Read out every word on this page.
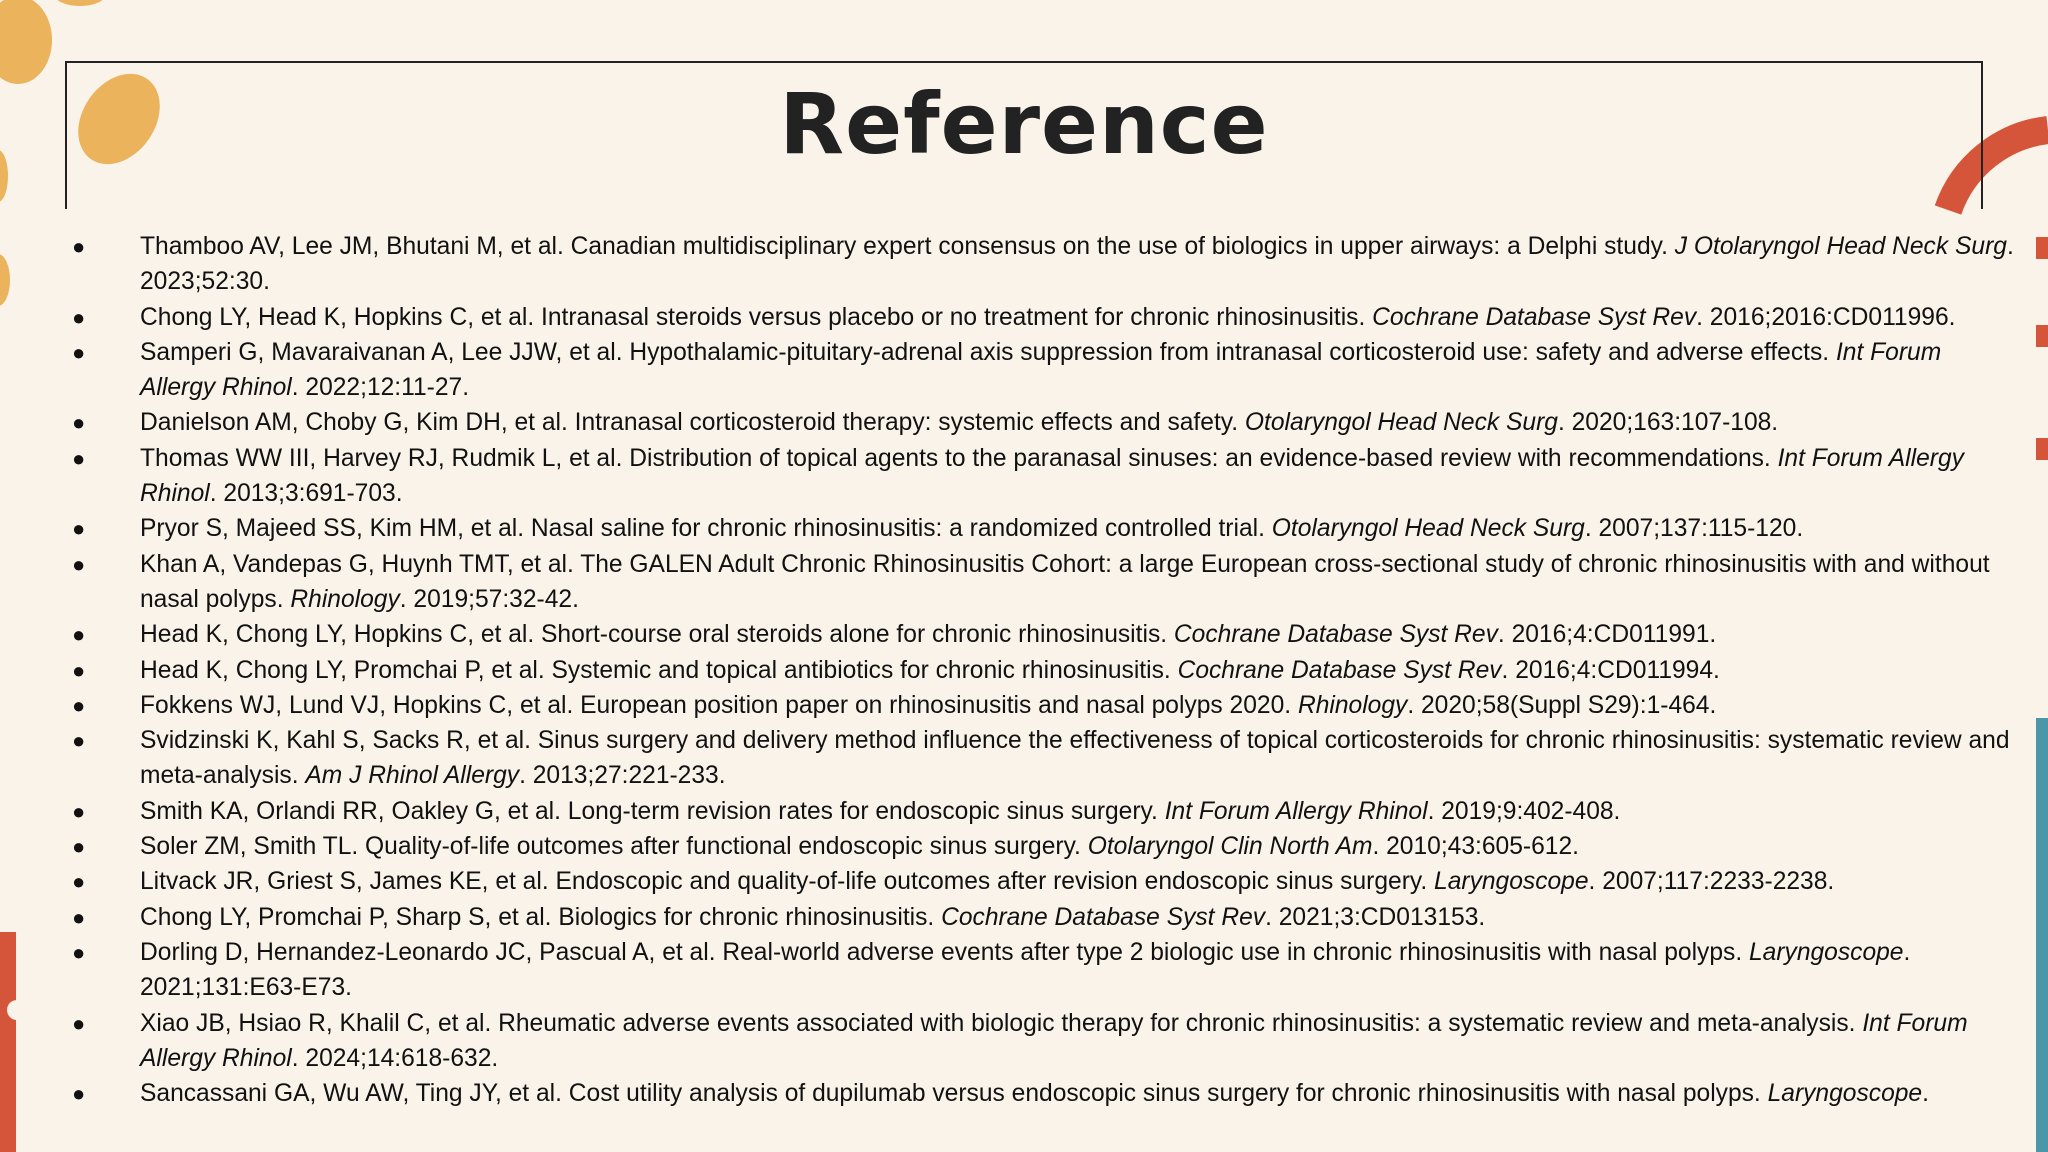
Reference
●	Thamboo AV, Lee JM, Bhutani M, et al. Canadian multidisciplinary expert consensus on the use of biologics in upper airways: a Delphi study. J Otolaryngol Head Neck Surg. 2023;52:30.
●	Chong LY, Head K, Hopkins C, et al. Intranasal steroids versus placebo or no treatment for chronic rhinosinusitis. Cochrane Database Syst Rev. 2016;2016:CD011996.
●	Samperi G, Mavaraivanan A, Lee JJW, et al. Hypothalamic-pituitary-adrenal axis suppression from intranasal corticosteroid use: safety and adverse effects. Int Forum Allergy Rhinol. 2022;12:11-27.
●	Danielson AM, Choby G, Kim DH, et al. Intranasal corticosteroid therapy: systemic effects and safety. Otolaryngol Head Neck Surg. 2020;163:107-108.
●	Thomas WW III, Harvey RJ, Rudmik L, et al. Distribution of topical agents to the paranasal sinuses: an evidence-based review with recommendations. Int Forum Allergy Rhinol. 2013;3:691-703.
●	Pryor S, Majeed SS, Kim HM, et al. Nasal saline for chronic rhinosinusitis: a randomized controlled trial. Otolaryngol Head Neck Surg. 2007;137:115-120.
●	Khan A, Vandepas G, Huynh TMT, et al. The GALEN Adult Chronic Rhinosinusitis Cohort: a large European cross-sectional study of chronic rhinosinusitis with and without nasal polyps. Rhinology. 2019;57:32-42.
●	Head K, Chong LY, Hopkins C, et al. Short-course oral steroids alone for chronic rhinosinusitis. Cochrane Database Syst Rev. 2016;4:CD011991.
●	Head K, Chong LY, Promchai P, et al. Systemic and topical antibiotics for chronic rhinosinusitis. Cochrane Database Syst Rev. 2016;4:CD011994.
●	Fokkens WJ, Lund VJ, Hopkins C, et al. European position paper on rhinosinusitis and nasal polyps 2020. Rhinology. 2020;58(Suppl S29):1-464.
●	Svidzinski K, Kahl S, Sacks R, et al. Sinus surgery and delivery method influence the effectiveness of topical corticosteroids for chronic rhinosinusitis: systematic review and meta-analysis. Am J Rhinol Allergy. 2013;27:221-233.
●	Smith KA, Orlandi RR, Oakley G, et al. Long-term revision rates for endoscopic sinus surgery. Int Forum Allergy Rhinol. 2019;9:402-408.
●	Soler ZM, Smith TL. Quality-of-life outcomes after functional endoscopic sinus surgery. Otolaryngol Clin North Am. 2010;43:605-612.
●	Litvack JR, Griest S, James KE, et al. Endoscopic and quality-of-life outcomes after revision endoscopic sinus surgery. Laryngoscope. 2007;117:2233-2238.
●	Chong LY, Promchai P, Sharp S, et al. Biologics for chronic rhinosinusitis. Cochrane Database Syst Rev. 2021;3:CD013153.
●	Dorling D, Hernandez-Leonardo JC, Pascual A, et al. Real-world adverse events after type 2 biologic use in chronic rhinosinusitis with nasal polyps. Laryngoscope. 2021;131:E63-E73.
●	Xiao JB, Hsiao R, Khalil C, et al. Rheumatic adverse events associated with biologic therapy for chronic rhinosinusitis: a systematic review and meta-analysis. Int Forum Allergy Rhinol. 2024;14:618-632.
●	Sancassani GA, Wu AW, Ting JY, et al. Cost utility analysis of dupilumab versus endoscopic sinus surgery for chronic rhinosinusitis with nasal polyps. Laryngoscope.
